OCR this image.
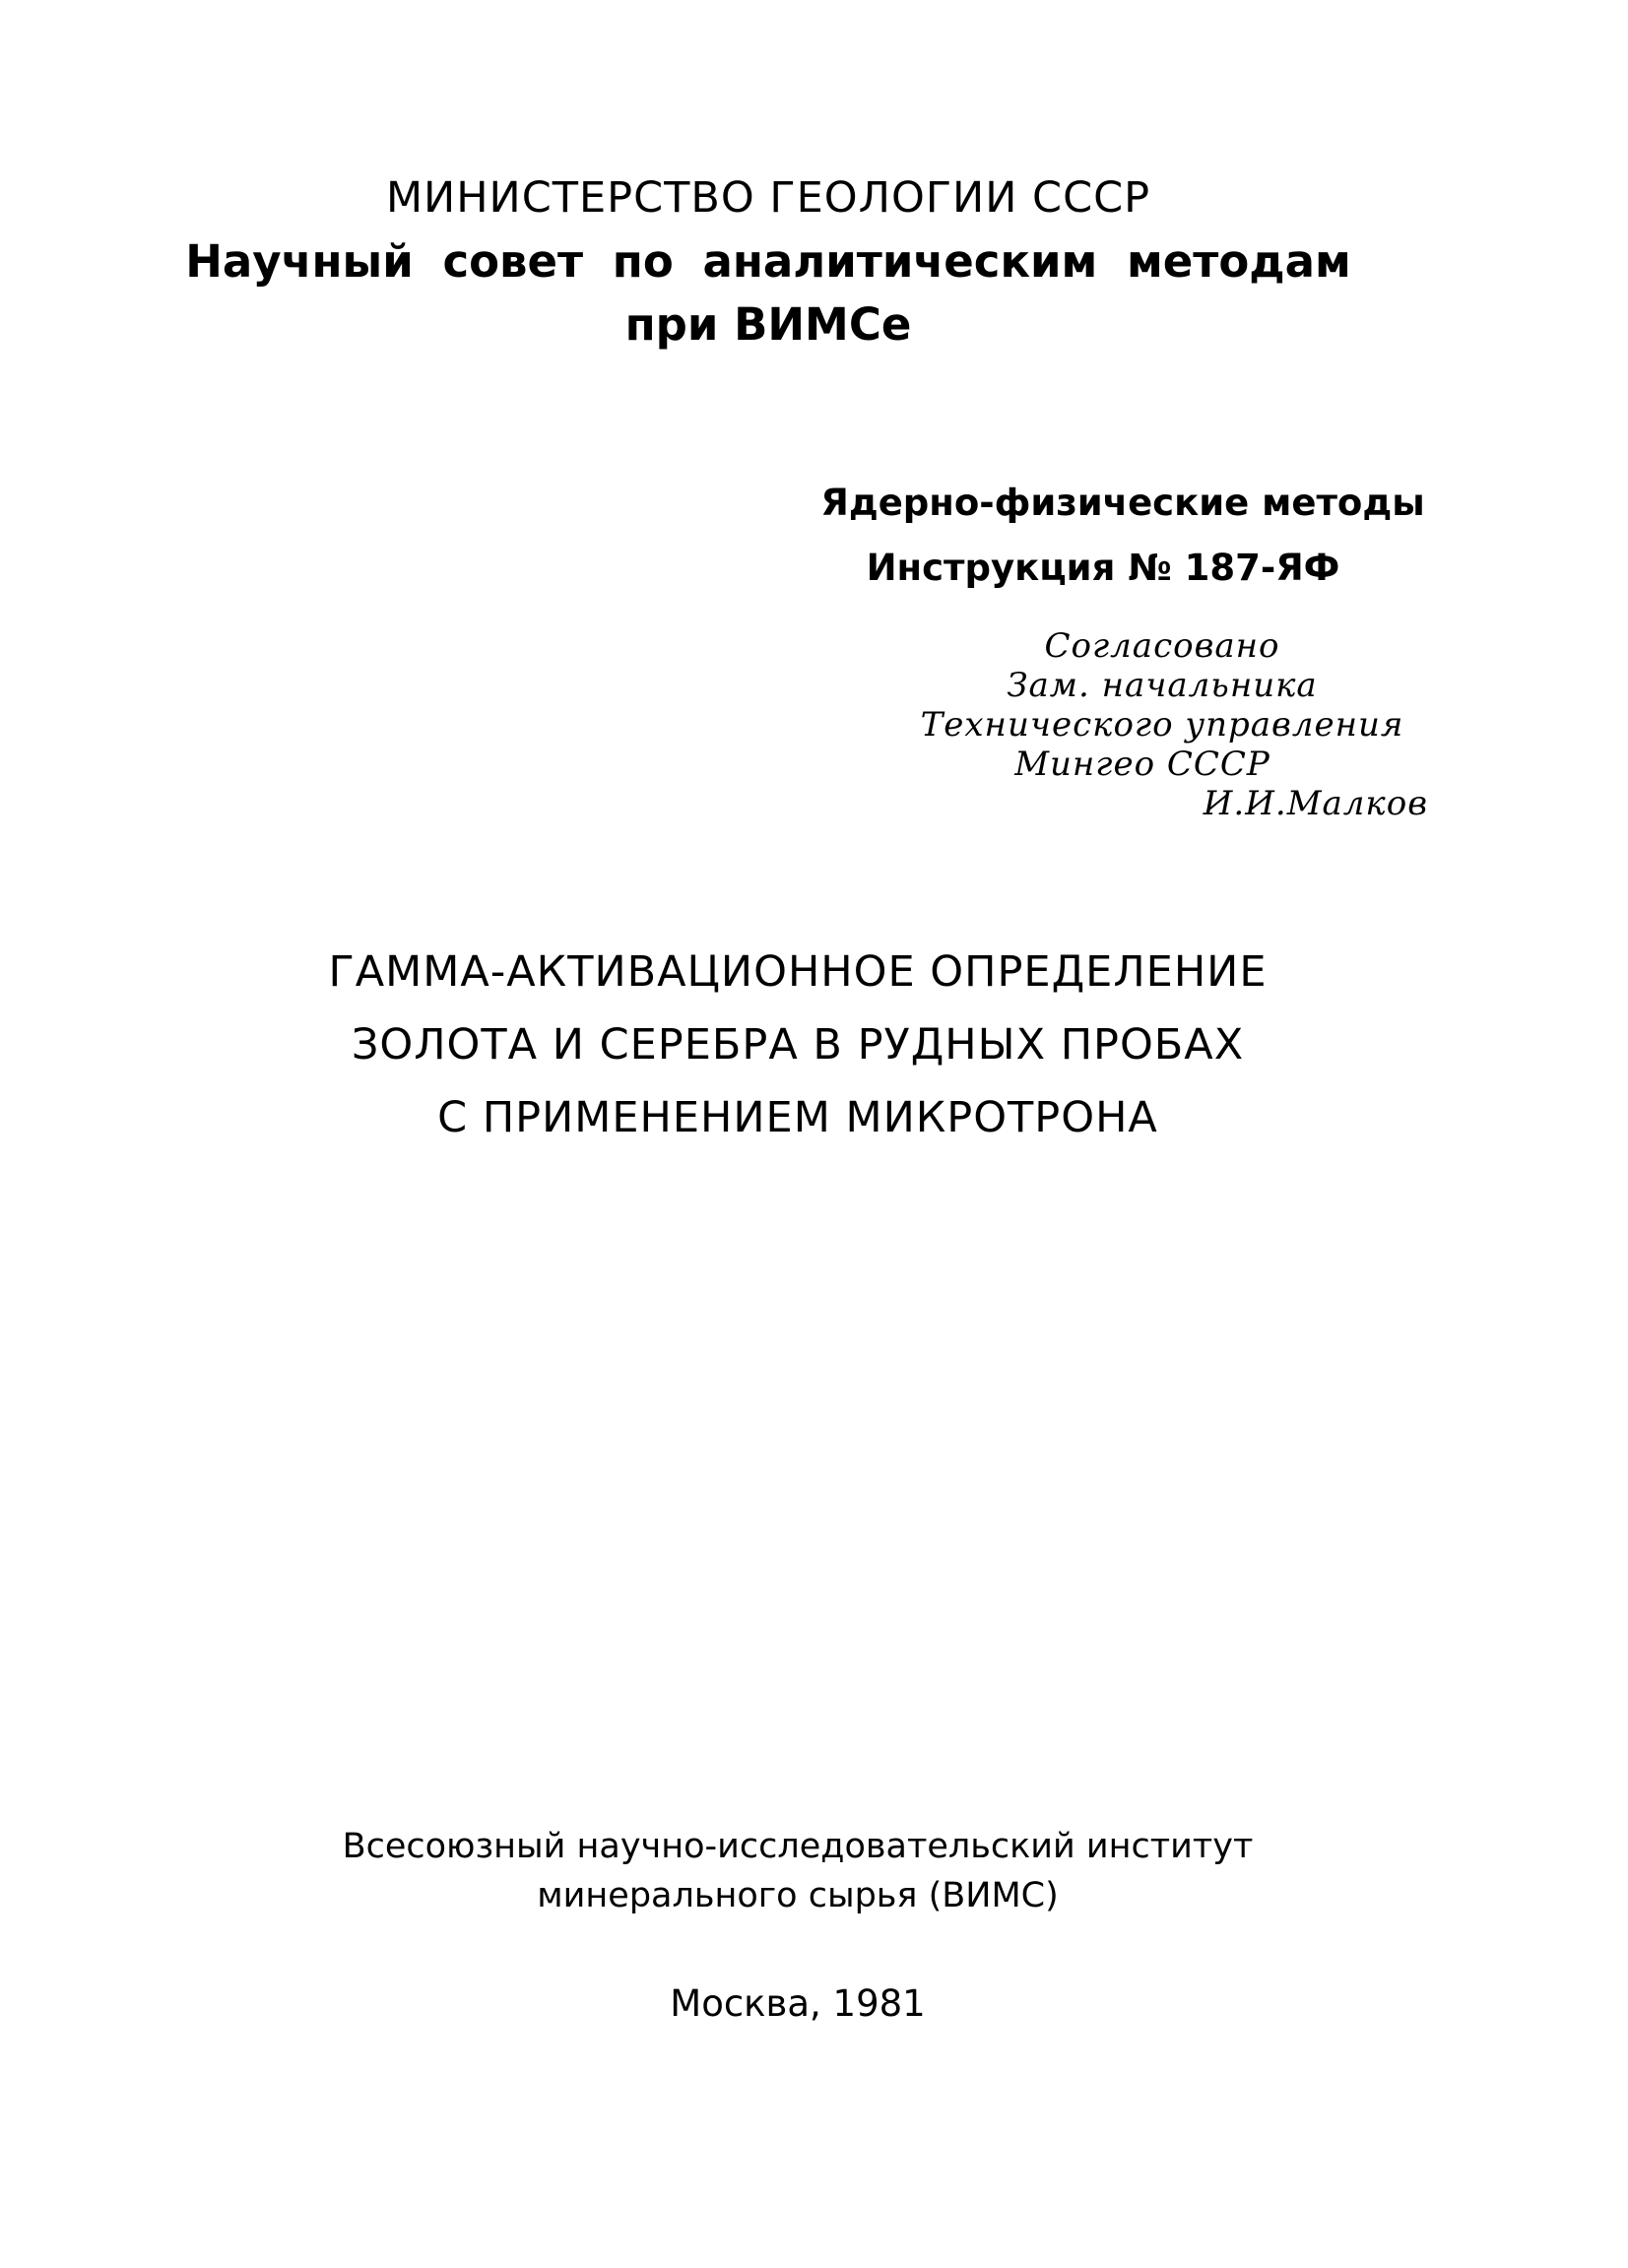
МИНИСТЕРСТВО ГЕОЛОГИИ СССР
Научный совет по аналитическим методам
при ВИМСе
Ядерно-физические методы
Инструкция № 187-ЯФ
Согласовано
Зам. начальника
Технического управления
Мингео СССР
И.И.Малков
ГАММА-АКТИВАЦИОННОЕ ОПРЕДЕЛЕНИЕ
ЗОЛОТА И СЕРЕБРА В РУДНЫХ ПРОБАХ
С ПРИМЕНЕНИЕМ МИКРОТРОНА
Всесоюзный научно-исследовательский институт
минерального сырья (ВИМС)
Москва, 1981
